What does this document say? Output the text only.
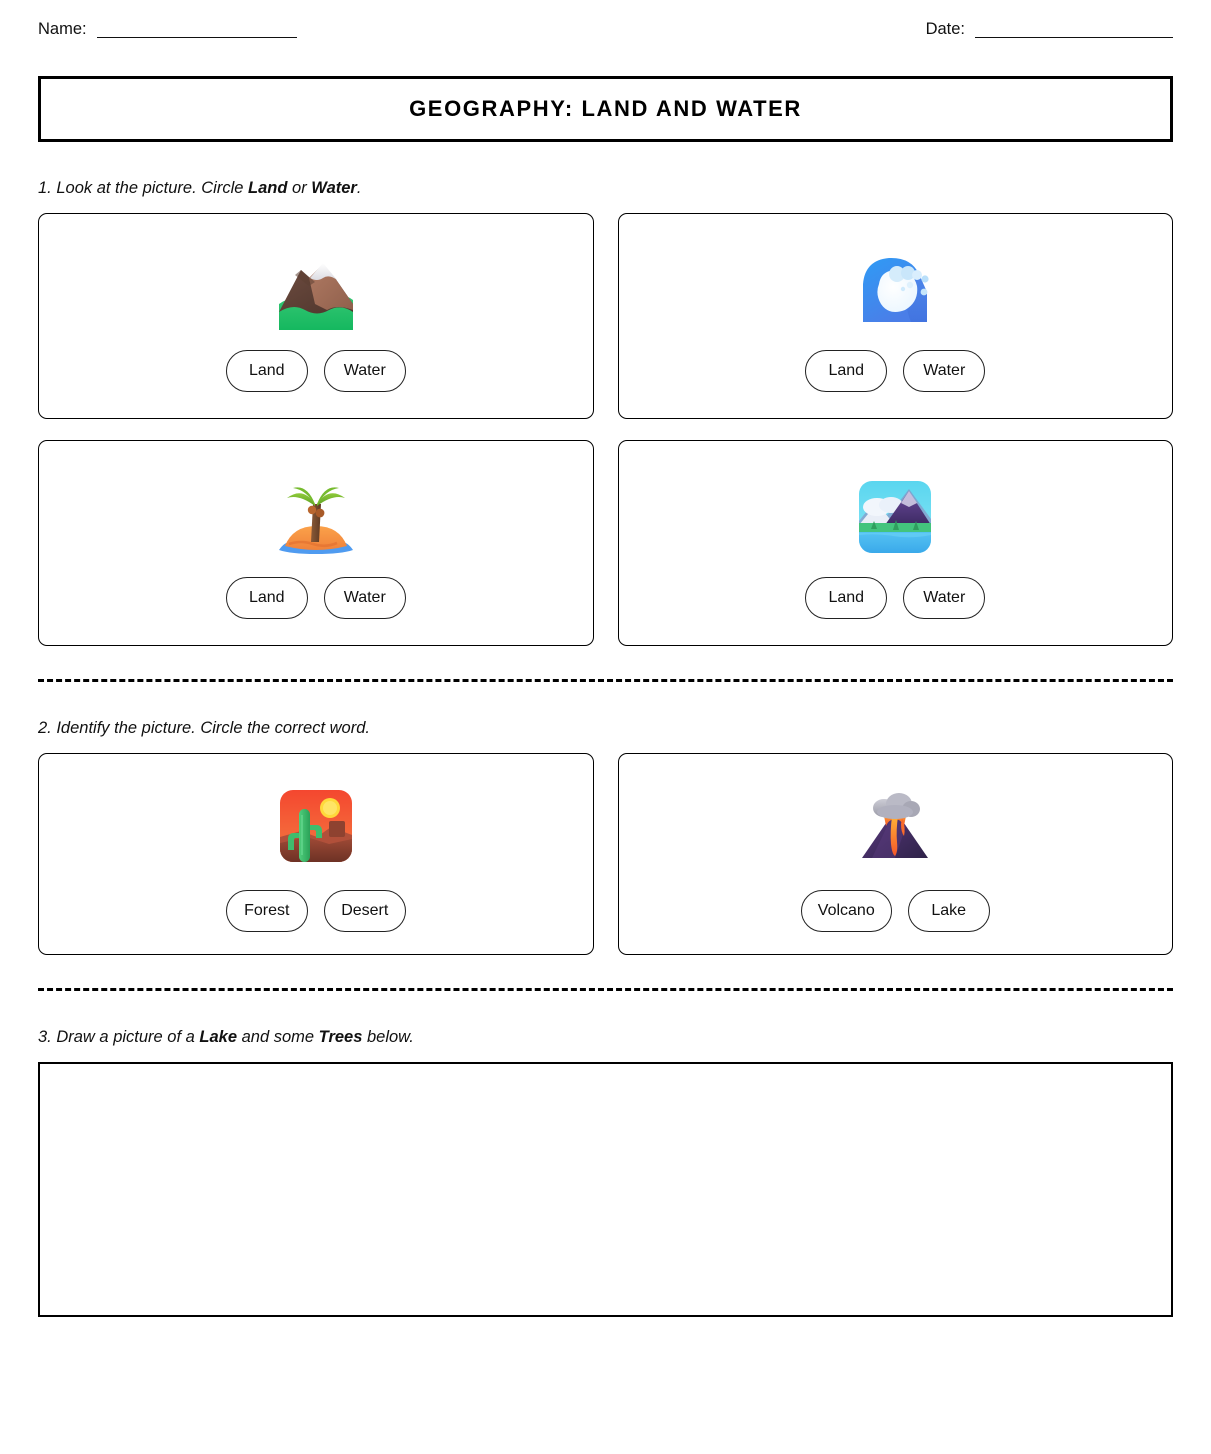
Name:	Date:
GEOGRAPHY: LAND AND WATER
1. Look at the picture. Circle Land or Water.
Land	Water	Land	Water
Land	Water	Land	Water
2. Identify the picture. Circle the correct word.
Forest	Desert	Volcano	Lake
3. Draw a picture of a Lake and some Trees below.
